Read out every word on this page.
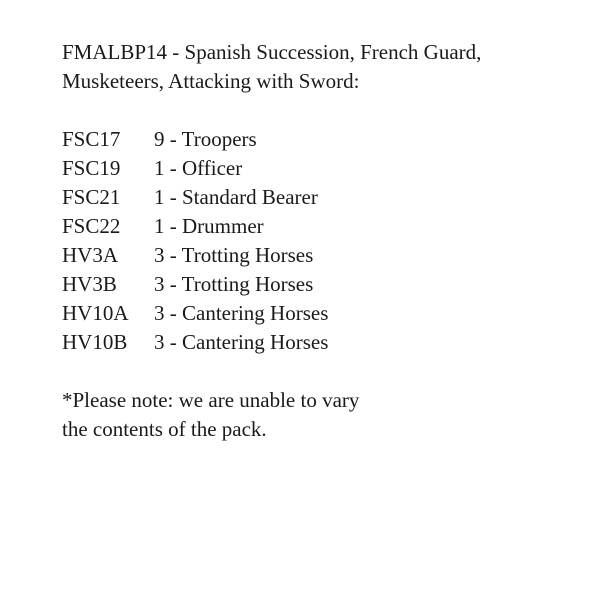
FMALBP14 - Spanish Succession, French Guard,
Musketeers, Attacking with Sword:
FSC17	9 - Troopers
FSC19	1 - Officer
FSC21	1 - Standard Bearer
FSC22	1 - Drummer
HV3A	3 - Trotting Horses
HV3B	3 - Trotting Horses
HV10A	3 - Cantering Horses
HV10B	3 - Cantering Horses
*Please note: we are unable to vary
the contents of the pack.
